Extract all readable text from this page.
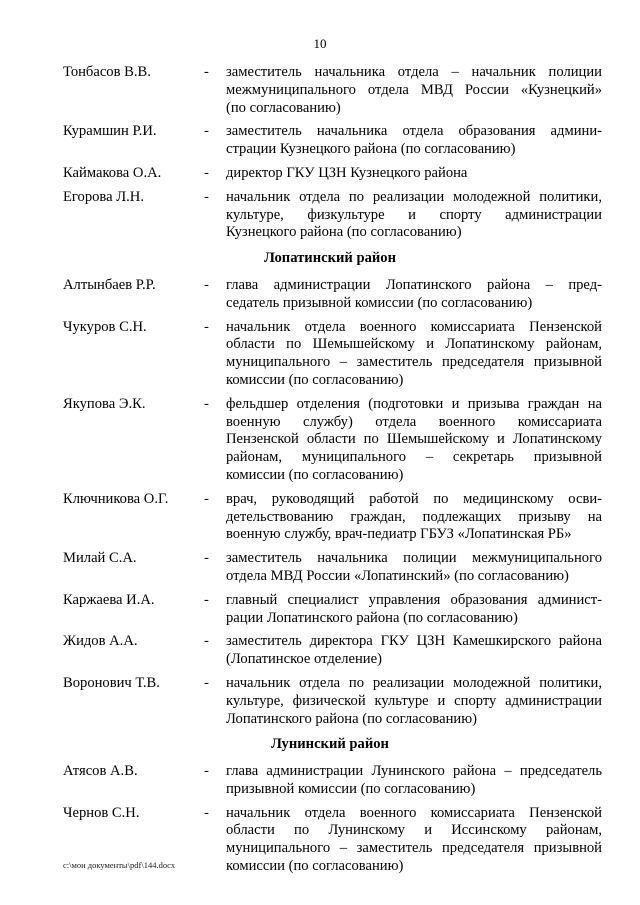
10
Тонбасов В.В.	- заместитель начальника отдела – начальник полиции
межмуниципального отдела МВД России «Кузнецкий»
(по согласованию)
Курамшин Р.И.	- заместитель начальника отдела образования админи-
страции Кузнецкого района (по согласованию)
Каймакова О.А.	- директор ГКУ ЦЗН Кузнецкого района
Егорова Л.Н.	- начальник отдела по реализации молодежной политики,
культуре, физкультуре и спорту администрации
Кузнецкого района (по согласованию)
Лопатинский район
Алтынбаев Р.Р.	- глава администрации Лопатинского района – пред-
седатель призывной комиссии (по согласованию)
Чукуров С.Н.	- начальник отдела военного комиссариата Пензенской
области по Шемышейскому и Лопатинскому районам,
муниципального – заместитель председателя призывной
комиссии (по согласованию)
Якупова Э.К.	- фельдшер отделения (подготовки и призыва граждан на
военную службу) отдела военного комиссариата
Пензенской области по Шемышейскому и Лопатинскому
районам, муниципального – секретарь призывной
комиссии (по согласованию)
Ключникова О.Г. - врач, руководящий работой по медицинскому осви-
детельствованию граждан, подлежащих призыву на
военную службу, врач-педиатр ГБУЗ «Лопатинская РБ»
Милай С.А.	- заместитель начальника полиции межмуниципального
отдела МВД России «Лопатинский» (по согласованию)
Каржаева И.А.	- главный специалист управления образования админист-
рации Лопатинского района (по согласованию)
Жидов А.А.	- заместитель директора ГКУ ЦЗН Камешкирского района
(Лопатинское отделение)
Воронович Т.В.	- начальник отдела по реализации молодежной политики,
культуре, физической культуре и спорту администрации
Лопатинского района (по согласованию)
Лунинский район
Атясов А.В.	- глава администрации Лунинского района – председатель
призывной комиссии (по согласованию)
Чернов С.Н.	- начальник отдела военного комиссариата Пензенской
области по Лунинскому и Иссинскому районам,
муниципального – заместитель председателя призывной
комиссии (по согласованию)
c:\мои документы\pdf\144.docx
